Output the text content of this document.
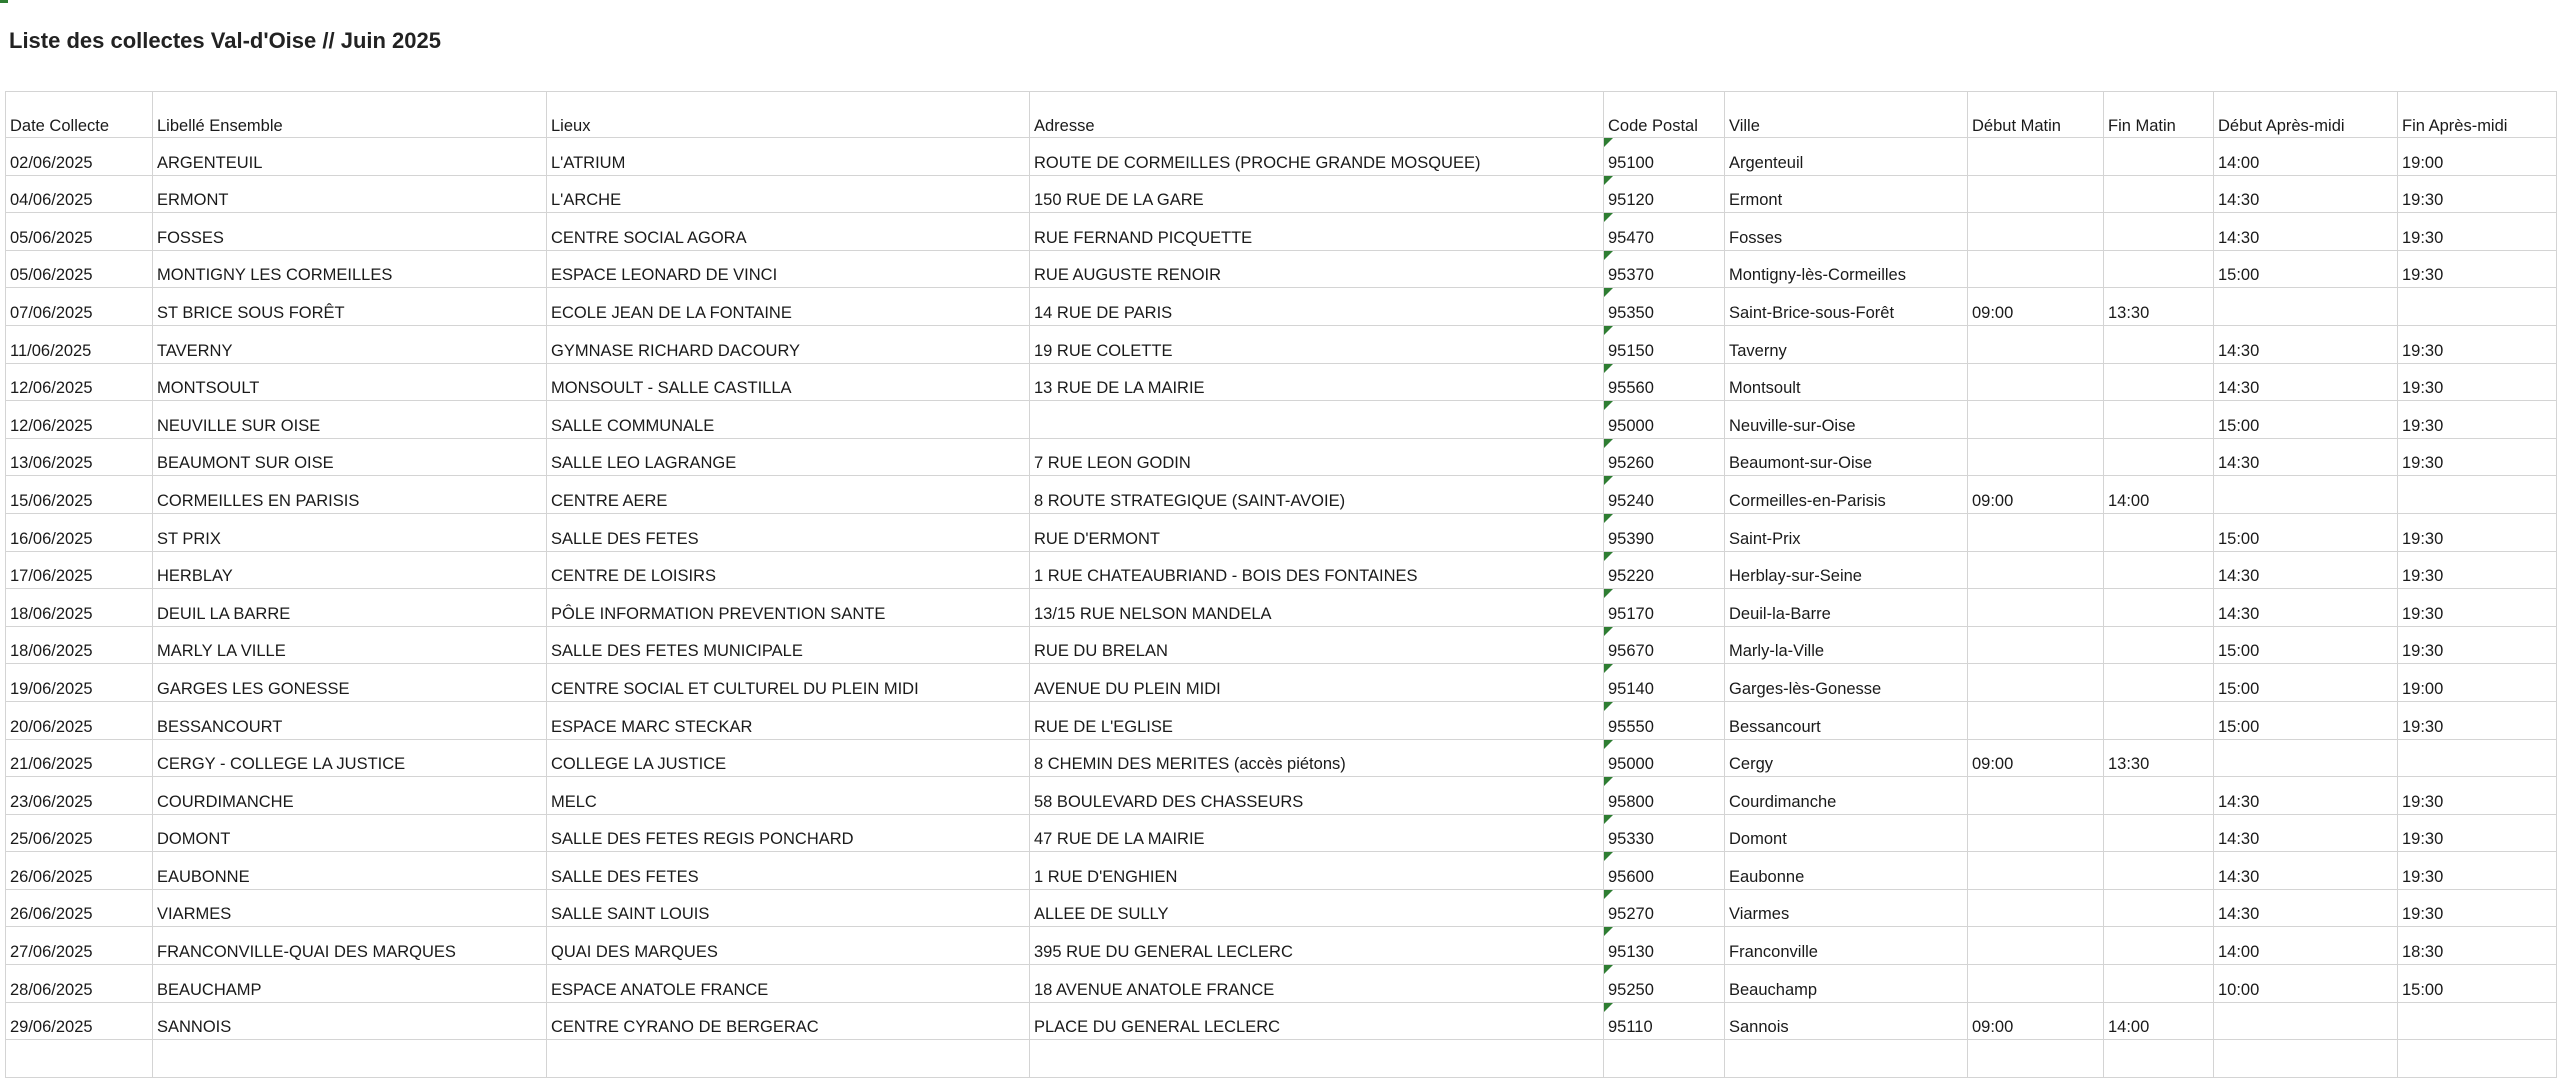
Liste des collectes Val-d'Oise // Juin 2025
Date Collecte	Libellé Ensemble	Lieux	Adresse	Code Postal	Ville	Début Matin	Fin Matin	Début Après-midi	Fin Après-midi
02/06/2025	ARGENTEUIL	L'ATRIUM	ROUTE DE CORMEILLES (PROCHE GRANDE MOSQUEE)	95100	Argenteuil			14:00	19:00
04/06/2025	ERMONT	L'ARCHE	150 RUE DE LA GARE	95120	Ermont			14:30	19:30
05/06/2025	FOSSES	CENTRE SOCIAL AGORA	RUE FERNAND PICQUETTE	95470	Fosses			14:30	19:30
05/06/2025	MONTIGNY LES CORMEILLES	ESPACE LEONARD DE VINCI	RUE AUGUSTE RENOIR	95370	Montigny-lès-Cormeilles			15:00	19:30
07/06/2025	ST BRICE SOUS FORÊT	ECOLE JEAN DE LA FONTAINE	14 RUE DE PARIS	95350	Saint-Brice-sous-Forêt	09:00	13:30		
11/06/2025	TAVERNY	GYMNASE RICHARD DACOURY	19 RUE COLETTE	95150	Taverny			14:30	19:30
12/06/2025	MONTSOULT	MONSOULT - SALLE CASTILLA	13 RUE DE LA MAIRIE	95560	Montsoult			14:30	19:30
12/06/2025	NEUVILLE SUR OISE	SALLE COMMUNALE		95000	Neuville-sur-Oise			15:00	19:30
13/06/2025	BEAUMONT SUR OISE	SALLE LEO LAGRANGE	7 RUE LEON GODIN	95260	Beaumont-sur-Oise			14:30	19:30
15/06/2025	CORMEILLES EN PARISIS	CENTRE AERE	8 ROUTE STRATEGIQUE (SAINT-AVOIE)	95240	Cormeilles-en-Parisis	09:00	14:00		
16/06/2025	ST PRIX	SALLE DES FETES	RUE D'ERMONT	95390	Saint-Prix			15:00	19:30
17/06/2025	HERBLAY	CENTRE DE LOISIRS	1 RUE CHATEAUBRIAND - BOIS DES FONTAINES	95220	Herblay-sur-Seine			14:30	19:30
18/06/2025	DEUIL LA BARRE	PÔLE INFORMATION PREVENTION SANTE	13/15 RUE NELSON MANDELA	95170	Deuil-la-Barre			14:30	19:30
18/06/2025	MARLY LA VILLE	SALLE DES FETES MUNICIPALE	RUE DU BRELAN	95670	Marly-la-Ville			15:00	19:30
19/06/2025	GARGES LES GONESSE	CENTRE SOCIAL ET CULTUREL DU PLEIN MIDI	AVENUE DU PLEIN MIDI	95140	Garges-lès-Gonesse			15:00	19:00
20/06/2025	BESSANCOURT	ESPACE MARC STECKAR	RUE DE L'EGLISE	95550	Bessancourt			15:00	19:30
21/06/2025	CERGY - COLLEGE LA JUSTICE	COLLEGE LA JUSTICE	8 CHEMIN DES MERITES (accès piétons)	95000	Cergy	09:00	13:30		
23/06/2025	COURDIMANCHE	MELC	58 BOULEVARD DES CHASSEURS	95800	Courdimanche			14:30	19:30
25/06/2025	DOMONT	SALLE DES FETES REGIS PONCHARD	47 RUE DE LA MAIRIE	95330	Domont			14:30	19:30
26/06/2025	EAUBONNE	SALLE DES FETES	1 RUE D'ENGHIEN	95600	Eaubonne			14:30	19:30
26/06/2025	VIARMES	SALLE SAINT LOUIS	ALLEE DE SULLY	95270	Viarmes			14:30	19:30
27/06/2025	FRANCONVILLE-QUAI DES MARQUES	QUAI DES MARQUES	395 RUE DU GENERAL LECLERC	95130	Franconville			14:00	18:30
28/06/2025	BEAUCHAMP	ESPACE ANATOLE FRANCE	18 AVENUE ANATOLE FRANCE	95250	Beauchamp			10:00	15:00
29/06/2025	SANNOIS	CENTRE CYRANO DE BERGERAC	PLACE DU GENERAL LECLERC	95110	Sannois	09:00	14:00		
